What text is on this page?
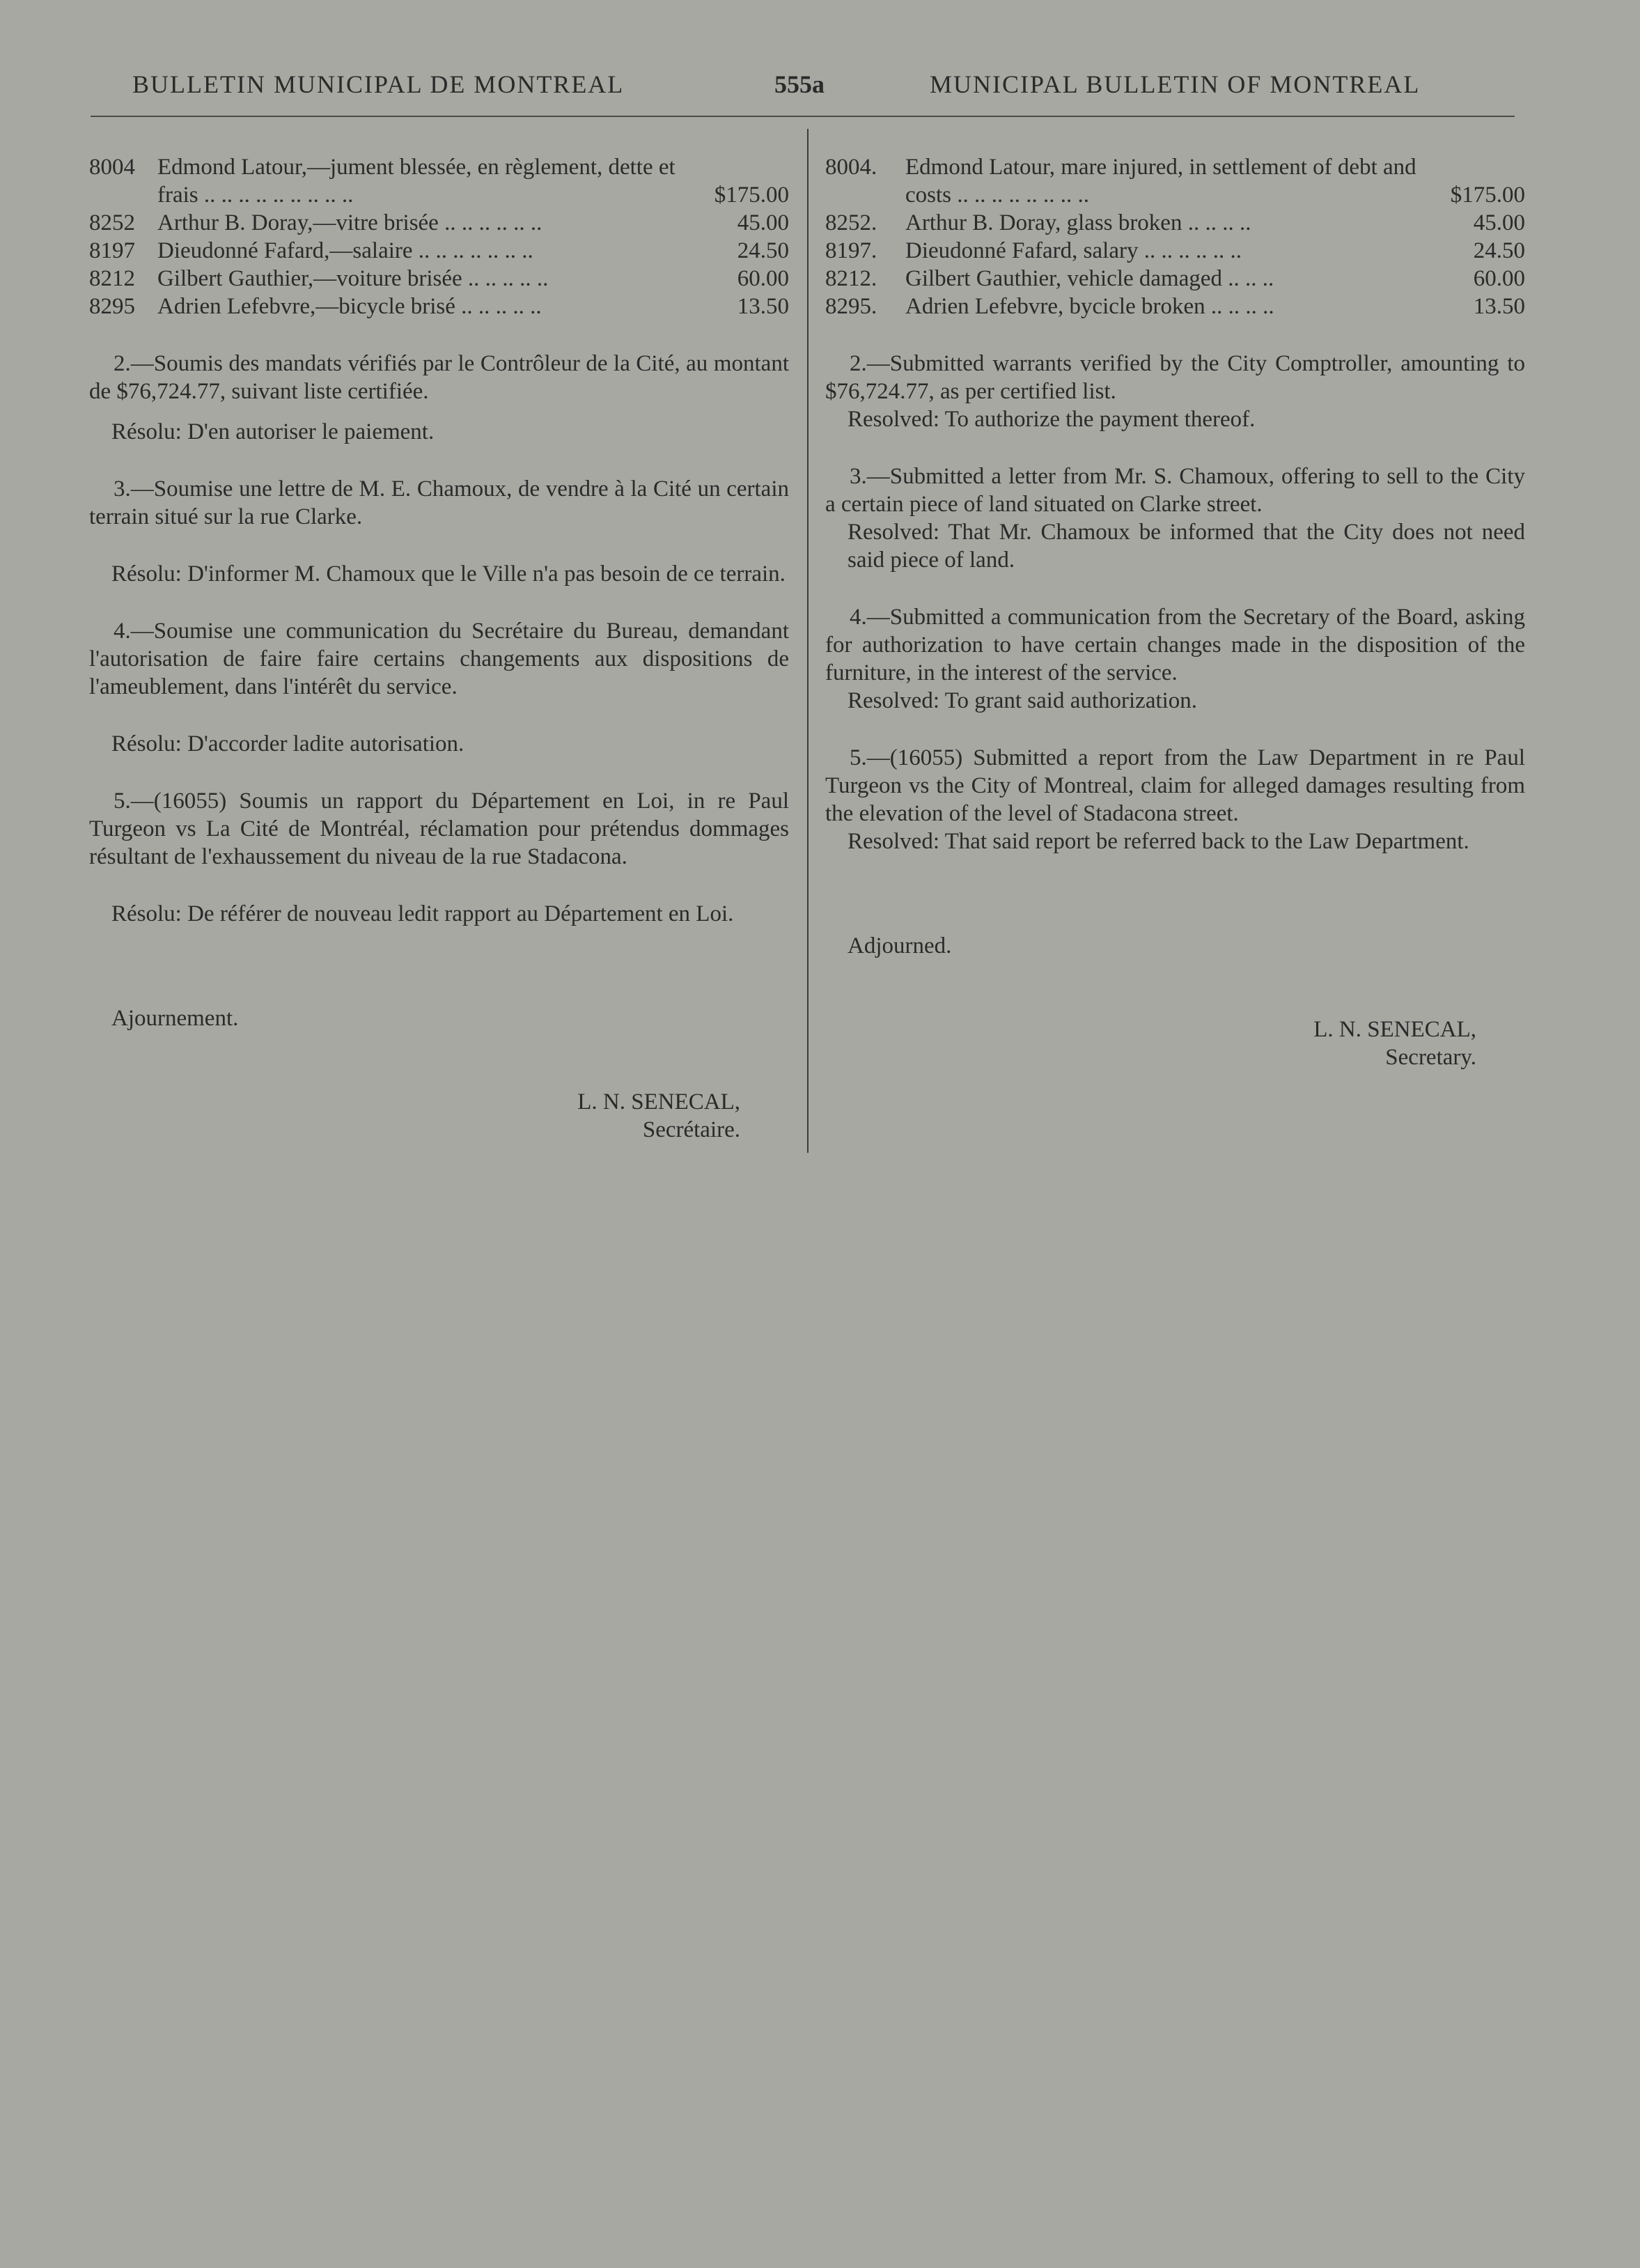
BULLETIN MUNICIPAL DE MONTREAL	555a	MUNICIPAL BULLETIN OF MONTREAL
8004	Edmond Latour,—jument blessée, en règlement, dette et frais .. .. .. .. .. .. .. .. ..	$175.00
8252	Arthur B. Doray,—vitre brisée .. .. .. .. .. ..	45.00
8197	Dieudonné Fafard,—salaire .. .. .. .. .. .. ..	24.50
8212	Gilbert Gauthier,—voiture brisée .. .. .. .. ..	60.00
8295	Adrien Lefebvre,—bicycle brisé .. .. .. .. ..	13.50
2.—Soumis des mandats vérifiés par le Contrôleur de la Cité, au montant de $76,724.77, suivant liste certifiée.
Résolu: D'en autoriser le paiement.
3.—Soumise une lettre de M. E. Chamoux, de vendre à la Cité un certain terrain situé sur la rue Clarke.
Résolu: D'informer M. Chamoux que le Ville n'a pas besoin de ce terrain.
4.—Soumise une communication du Secrétaire du Bureau, demandant l'autorisation de faire faire certains changements aux dispositions de l'ameublement, dans l'intérêt du service.
Résolu: D'accorder ladite autorisation.
5.—(16055) Soumis un rapport du Département en Loi, in re Paul Turgeon vs La Cité de Montréal, réclamation pour prétendus dommages résultant de l'exhaussement du niveau de la rue Stadacona.
Résolu: De référer de nouveau ledit rapport au Département en Loi.
Ajournement.
L. N. SENECAL,
Secrétaire.
8004.	Edmond Latour, mare injured, in settlement of debt and costs .. .. .. .. .. .. .. ..	$175.00
8252.	Arthur B. Doray, glass broken .. .. .. ..	45.00
8197.	Dieudonné Fafard, salary .. .. .. .. .. ..	24.50
8212.	Gilbert Gauthier, vehicle damaged .. .. ..	60.00
8295.	Adrien Lefebvre, bycicle broken .. .. .. ..	13.50
2.—Submitted warrants verified by the City Comptroller, amounting to $76,724.77, as per certified list.
Resolved: To authorize the payment thereof.
3.—Submitted a letter from Mr. S. Chamoux, offering to sell to the City a certain piece of land situated on Clarke street.
Resolved: That Mr. Chamoux be informed that the City does not need said piece of land.
4.—Submitted a communication from the Secretary of the Board, asking for authorization to have certain changes made in the disposition of the furniture, in the interest of the service.
Resolved: To grant said authorization.
5.—(16055) Submitted a report from the Law Department in re Paul Turgeon vs the City of Montreal, claim for alleged damages resulting from the elevation of the level of Stadacona street.
Resolved: That said report be referred back to the Law Department.
Adjourned.
L. N. SENECAL,
Secretary.
